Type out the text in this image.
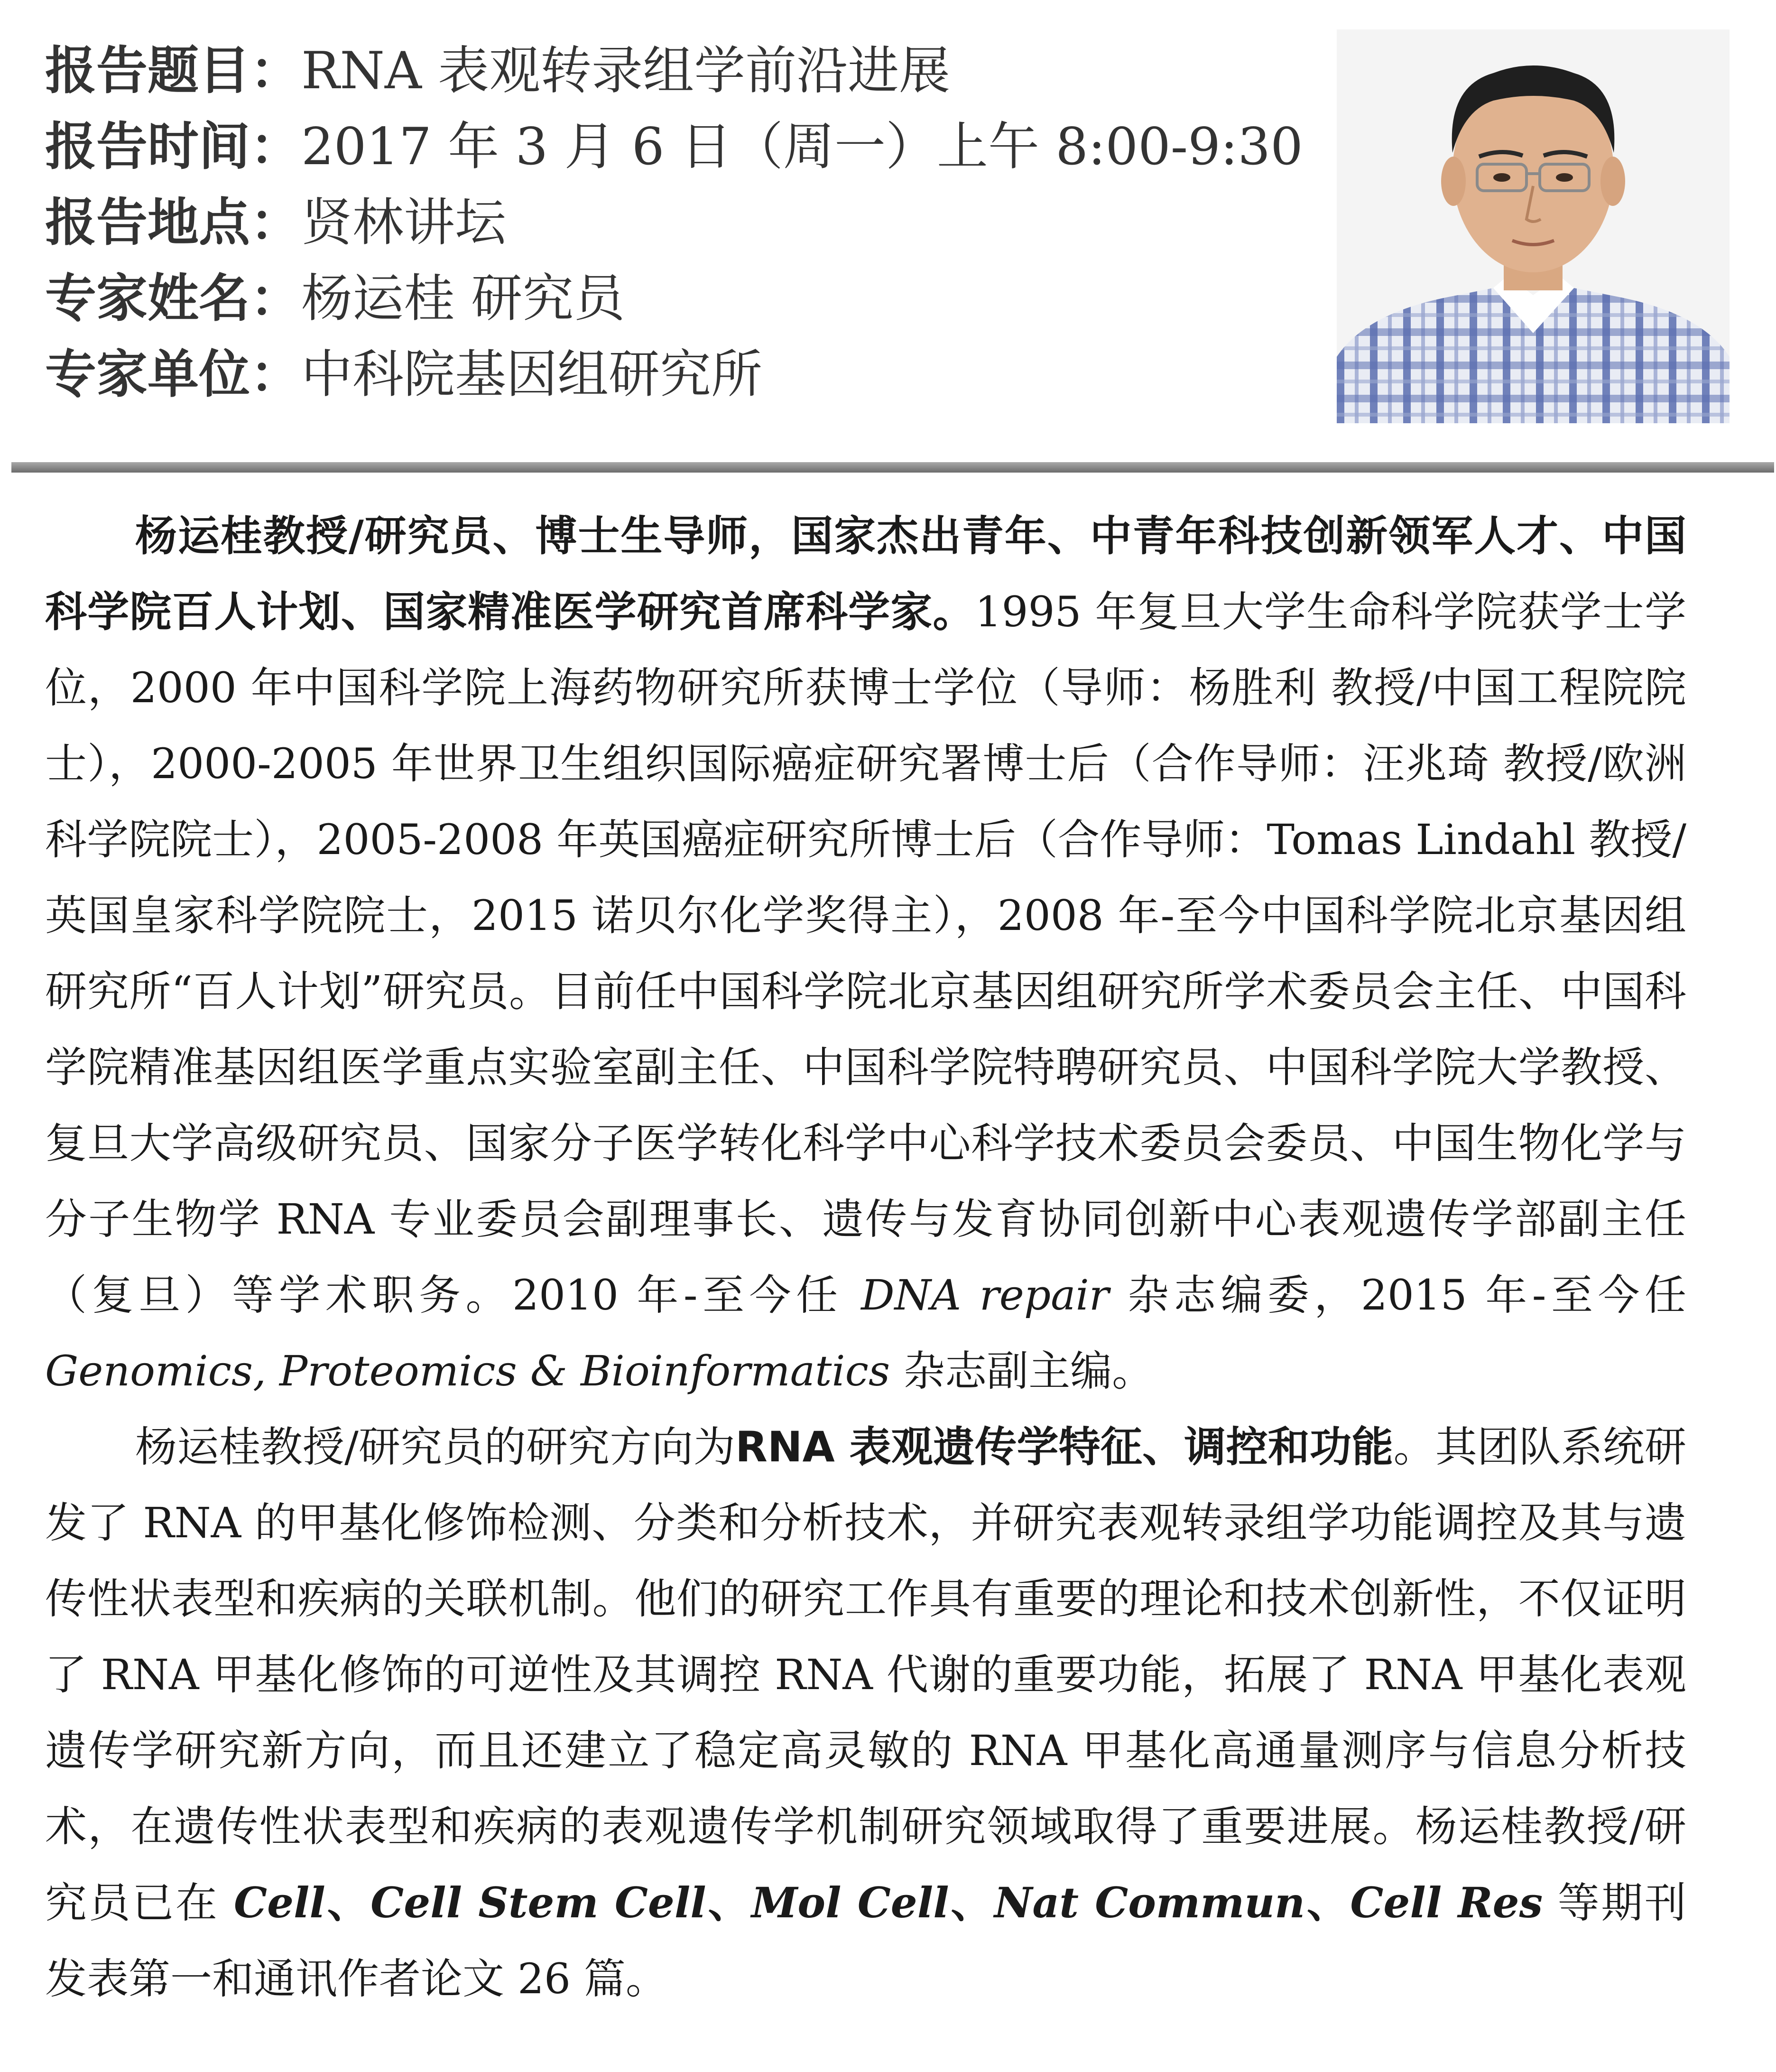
报告题目：RNA 表观转录组学前沿进展
报告时间：2017 年 3 月 6 日（周一）上午 8:00-9:30
报告地点：贤林讲坛
专家姓名：杨运桂 研究员
专家单位：中科院基因组研究所

杨运桂教授/研究员、博士生导师，国家杰出青年、中青年科技创新领军人才、中国科学院百人计划、国家精准医学研究首席科学家。1995 年复旦大学生命科学院获学士学位，2000 年中国科学院上海药物研究所获博士学位（导师：杨胜利 教授/中国工程院院士），2000-2005 年世界卫生组织国际癌症研究署博士后（合作导师：汪兆琦 教授/欧洲科学院院士），2005-2008 年英国癌症研究所博士后（合作导师：Tomas Lindahl 教授/英国皇家科学院院士，2015 诺贝尔化学奖得主），2008 年-至今中国科学院北京基因组研究所“百人计划”研究员。目前任中国科学院北京基因组研究所学术委员会主任、中国科学院精准基因组医学重点实验室副主任、中国科学院特聘研究员、中国科学院大学教授、复旦大学高级研究员、国家分子医学转化科学中心科学技术委员会委员、中国生物化学与分子生物学 RNA 专业委员会副理事长、遗传与发育协同创新中心表观遗传学部副主任（复旦）等学术职务。2010 年-至今任 DNA repair 杂志编委，2015 年-至今任 Genomics, Proteomics & Bioinformatics 杂志副主编。

杨运桂教授/研究员的研究方向为RNA 表观遗传学特征、调控和功能。其团队系统研发了 RNA 的甲基化修饰检测、分类和分析技术，并研究表观转录组学功能调控及其与遗传性状表型和疾病的关联机制。他们的研究工作具有重要的理论和技术创新性，不仅证明了 RNA 甲基化修饰的可逆性及其调控 RNA 代谢的重要功能，拓展了 RNA 甲基化表观遗传学研究新方向，而且还建立了稳定高灵敏的 RNA 甲基化高通量测序与信息分析技术，在遗传性状表型和疾病的表观遗传学机制研究领域取得了重要进展。杨运桂教授/研究员已在 Cell、Cell Stem Cell、Mol Cell、Nat Commun、Cell Res 等期刊发表第一和通讯作者论文 26 篇。
